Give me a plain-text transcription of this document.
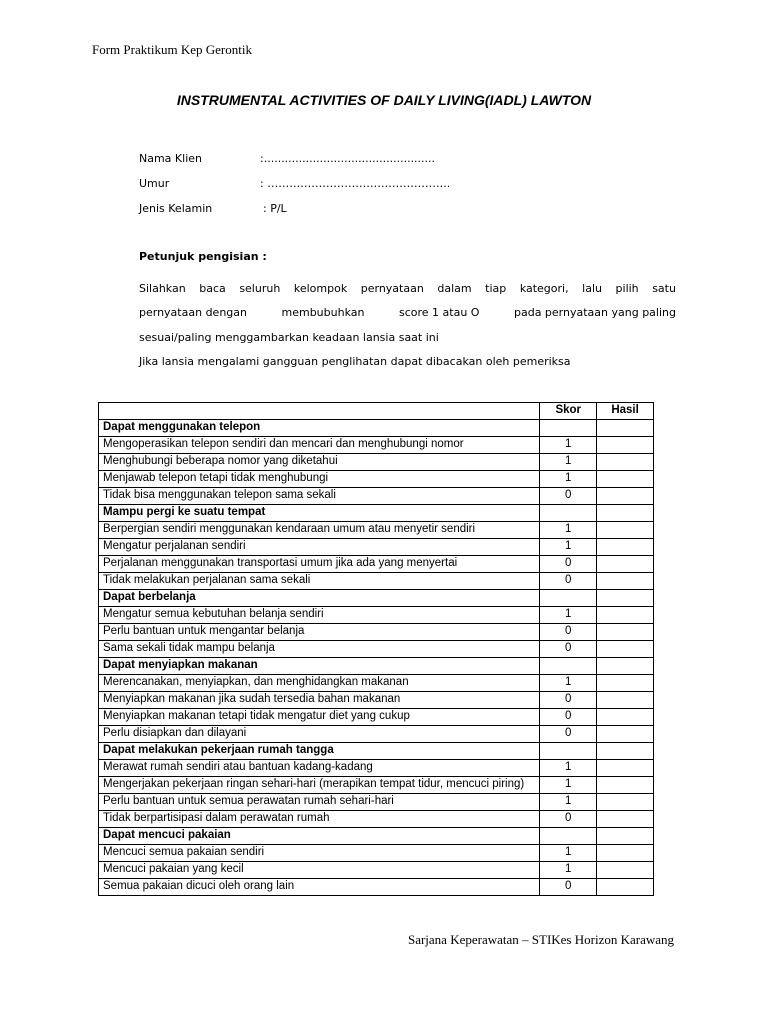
Form Praktikum Kep Gerontik
INSTRUMENTAL ACTIVITIES OF DAILY LIVING(IADL) LAWTON
Nama Klien	:.................................................
Umur	: …………………………………………..
Jenis Kelamin	: P/L
Petunjuk pengisian :
Silahkan baca seluruh kelompok pernyataan dalam tiap kategori, lalu pilih satu
pernyataan dengan	membubuhkan	score 1 atau O	pada pernyataan yang paling
sesuai/paling menggambarkan keadaan lansia saat ini
Jika lansia mengalami gangguan penglihatan dapat dibacakan oleh pemeriksa
	Skor	Hasil
Dapat menggunakan telepon		
Mengoperasikan telepon sendiri dan mencari dan menghubungi nomor	1	
Menghubungi beberapa nomor yang diketahui	1	
Menjawab telepon tetapi tidak menghubungi	1	
Tidak bisa menggunakan telepon sama sekali	0	
Mampu pergi ke suatu tempat		
Berpergian sendiri menggunakan kendaraan umum atau menyetir sendiri	1	
Mengatur perjalanan sendiri	1	
Perjalanan menggunakan transportasi umum jika ada yang menyertai	0	
Tidak melakukan perjalanan sama sekali	0	
Dapat berbelanja		
Mengatur semua kebutuhan belanja sendiri	1	
Perlu bantuan untuk mengantar belanja	0	
Sama sekali tidak mampu belanja	0	
Dapat menyiapkan makanan		
Merencanakan, menyiapkan, dan menghidangkan makanan	1	
Menyiapkan makanan jika sudah tersedia bahan makanan	0	
Menyiapkan makanan tetapi tidak mengatur diet yang cukup	0	
Perlu disiapkan dan dilayani	0	
Dapat melakukan pekerjaan rumah tangga		
Merawat rumah sendiri atau bantuan kadang-kadang	1	
Mengerjakan pekerjaan ringan sehari-hari (merapikan tempat tidur, mencuci piring)	1	
Perlu bantuan untuk semua perawatan rumah sehari-hari	1	
Tidak berpartisipasi dalam perawatan rumah	0	
Dapat mencuci pakaian		
Mencuci semua pakaian sendiri	1	
Mencuci pakaian yang kecil	1	
Semua pakaian dicuci oleh orang lain	0	
Sarjana Keperawatan – STIKes Horizon Karawang
